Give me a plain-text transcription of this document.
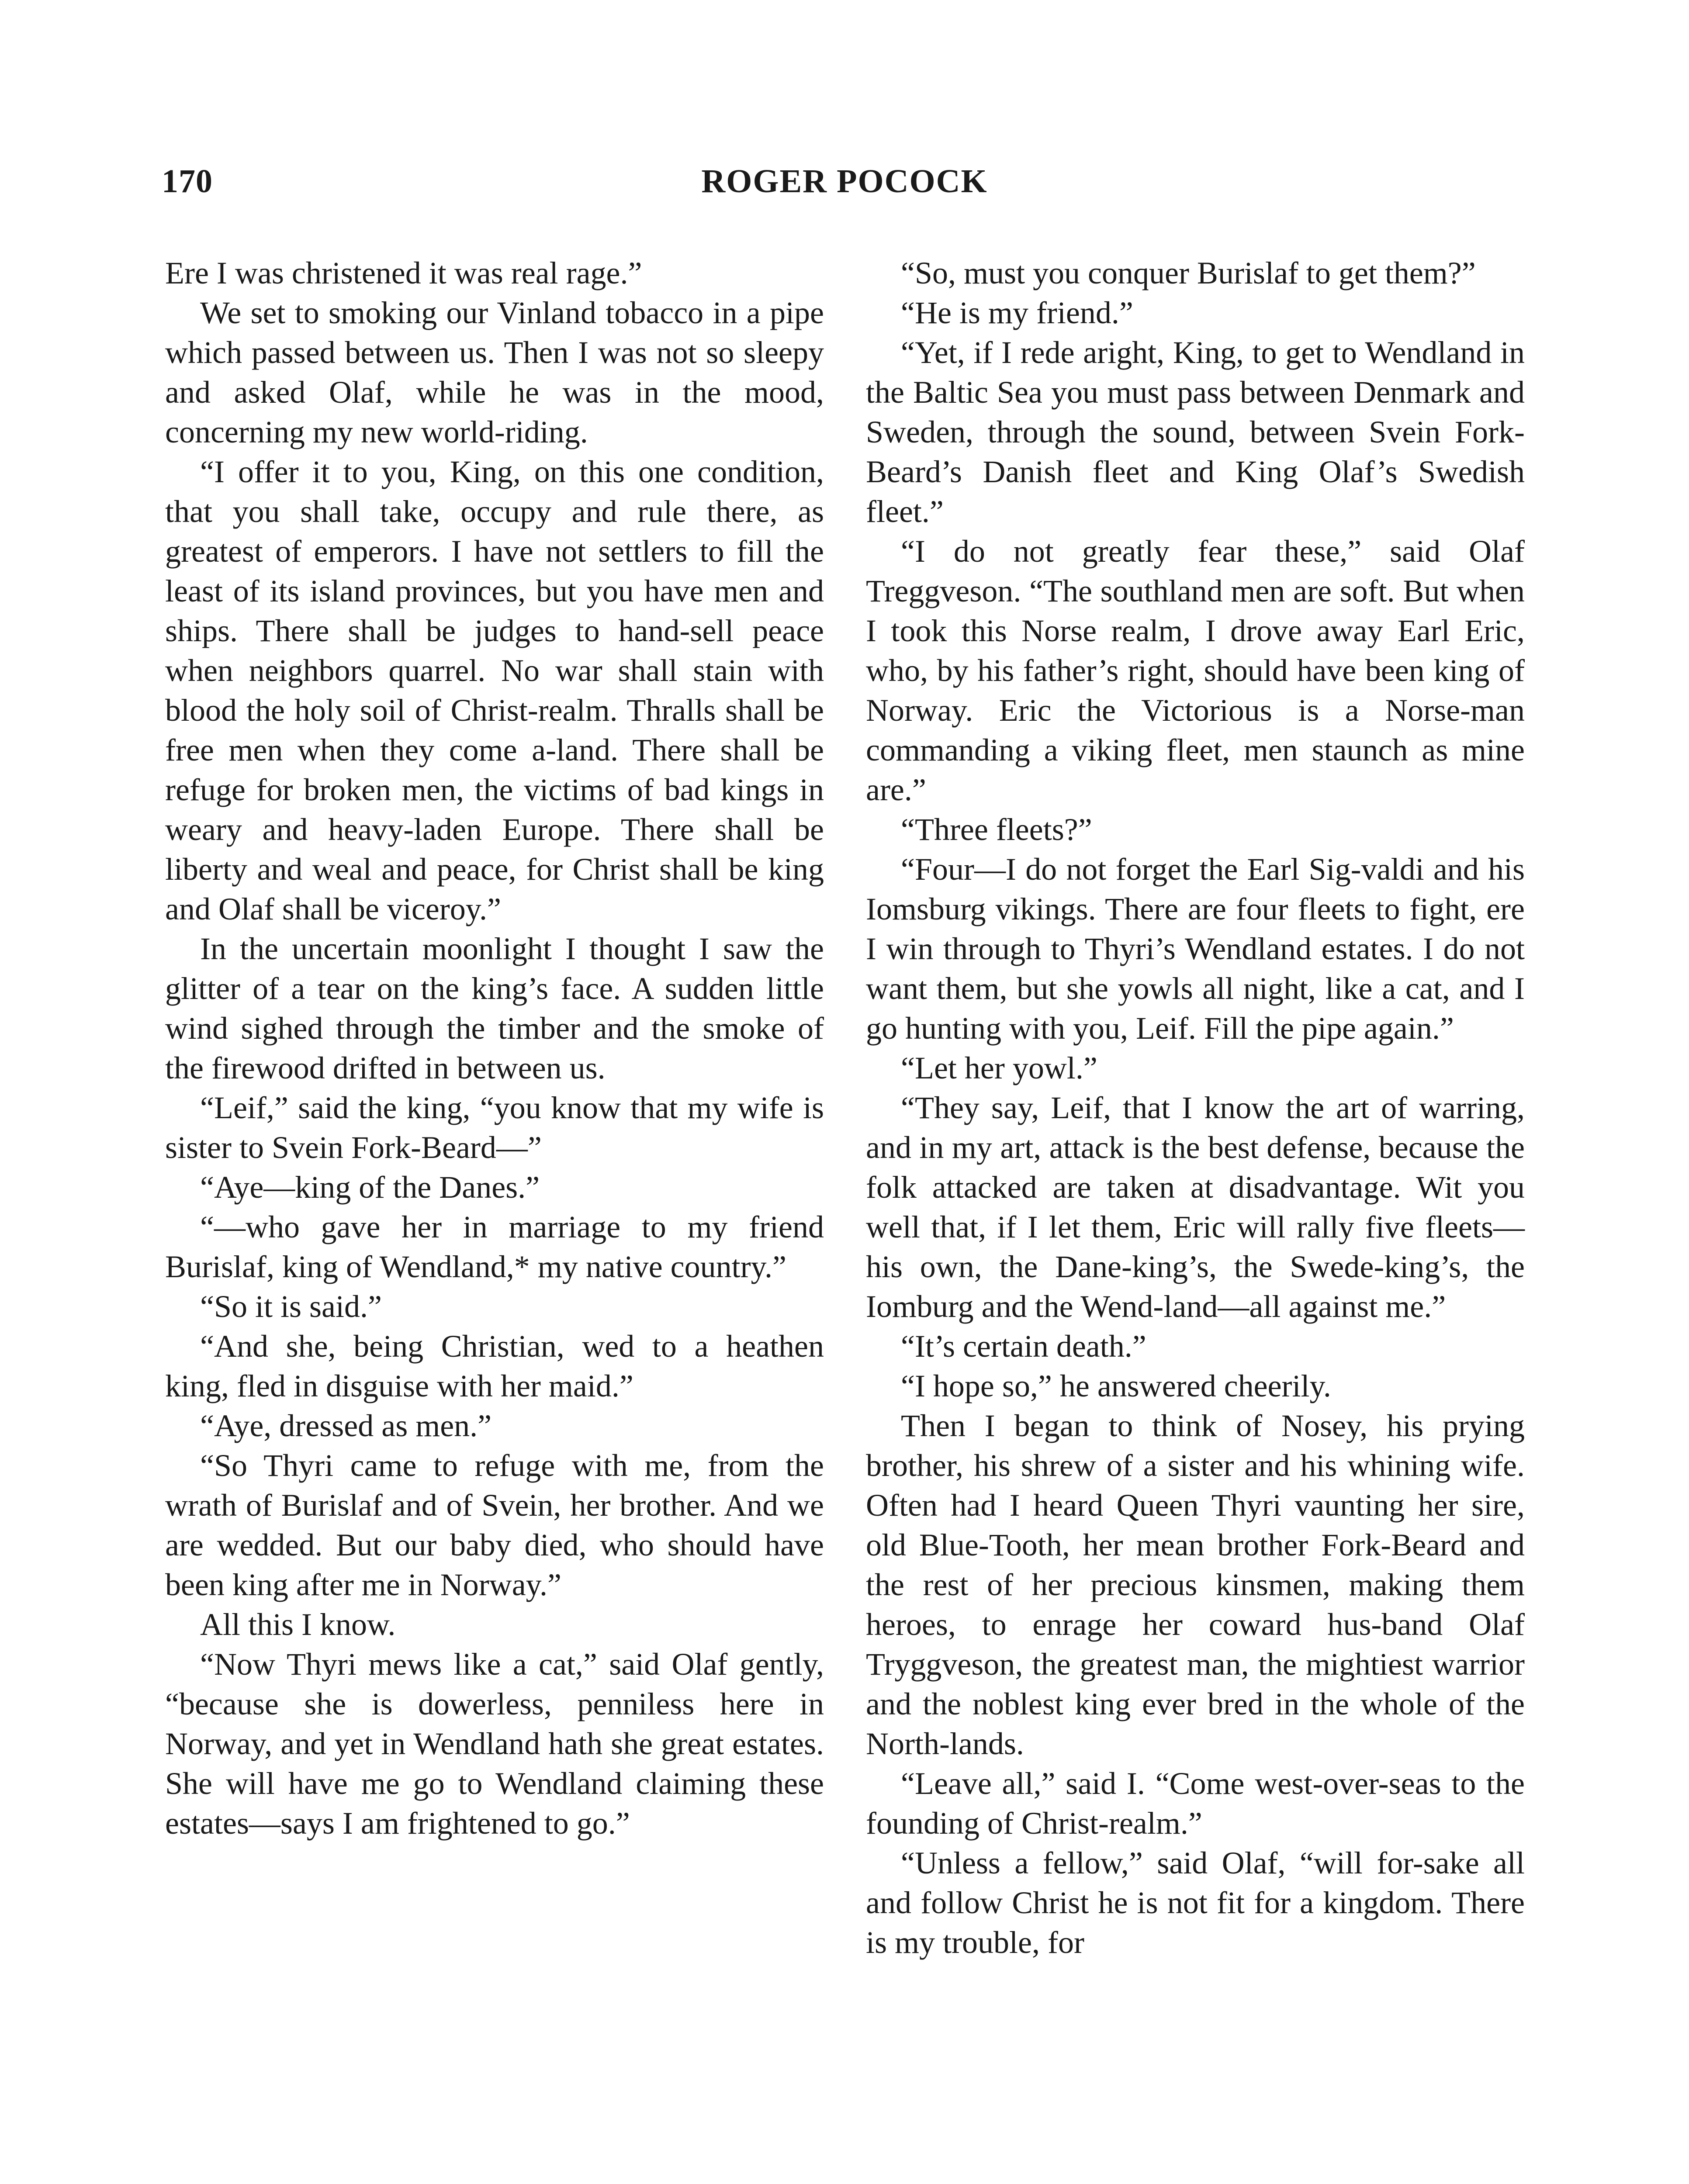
170	ROGER POCOCK

Ere I was christened it was real rage.”

We set to smoking our Vinland tobacco in a pipe which passed between us. Then I was not so sleepy and asked Olaf, while he was in the mood, concerning my new world-riding.

“I offer it to you, King, on this one condition, that you shall take, occupy and rule there, as greatest of emperors. I have not settlers to fill the least of its island provinces, but you have men and ships. There shall be judges to hand-sell peace when neighbors quarrel. No war shall stain with blood the holy soil of Christ-realm. Thralls shall be free men when they come a-land. There shall be refuge for broken men, the victims of bad kings in weary and heavy-laden Europe. There shall be liberty and weal and peace, for Christ shall be king and Olaf shall be viceroy.”

In the uncertain moonlight I thought I saw the glitter of a tear on the king’s face. A sudden little wind sighed through the timber and the smoke of the firewood drifted in between us.

“Leif,” said the king, “you know that my wife is sister to Svein Fork-Beard—”

“Aye—king of the Danes.”

“—who gave her in marriage to my friend Burislaf, king of Wendland,* my native country.”

“So it is said.”

“And she, being Christian, wed to a heathen king, fled in disguise with her maid.”

“Aye, dressed as men.”

“So Thyri came to refuge with me, from the wrath of Burislaf and of Svein, her brother. And we are wedded. But our baby died, who should have been king after me in Norway.”

All this I know.

“Now Thyri mews like a cat,” said Olaf gently, “because she is dowerless, penniless here in Norway, and yet in Wendland hath she great estates. She will have me go to Wendland claiming these estates—says I am frightened to go.”

“So, must you conquer Burislaf to get them?”

“He is my friend.”

“Yet, if I rede aright, King, to get to Wendland in the Baltic Sea you must pass between Denmark and Sweden, through the sound, between Svein Fork-Beard’s Danish fleet and King Olaf’s Swedish fleet.”

“I do not greatly fear these,” said Olaf Treggveson. “The southland men are soft. But when I took this Norse realm, I drove away Earl Eric, who, by his father’s right, should have been king of Norway. Eric the Victorious is a Norse-man commanding a viking fleet, men staunch as mine are.”

“Three fleets?”

“Four—I do not forget the Earl Sig-valdi and his Iomsburg vikings. There are four fleets to fight, ere I win through to Thyri’s Wendland estates. I do not want them, but she yowls all night, like a cat, and I go hunting with you, Leif. Fill the pipe again.”

“Let her yowl.”

“They say, Leif, that I know the art of warring, and in my art, attack is the best defense, because the folk attacked are taken at disadvantage. Wit you well that, if I let them, Eric will rally five fleets—his own, the Dane-king’s, the Swede-king’s, the Iomburg and the Wend-land—all against me.”

“It’s certain death.”

“I hope so,” he answered cheerily.

Then I began to think of Nosey, his prying brother, his shrew of a sister and his whining wife. Often had I heard Queen Thyri vaunting her sire, old Blue-Tooth, her mean brother Fork-Beard and the rest of her precious kinsmen, making them heroes, to enrage her coward hus-band Olaf Tryggveson, the greatest man, the mightiest warrior and the noblest king ever bred in the whole of the North-lands.

“Leave all,” said I. “Come west-over-seas to the founding of Christ-realm.”

“Unless a fellow,” said Olaf, “will for-sake all and follow Christ he is not fit for a kingdom. There is my trouble, for
